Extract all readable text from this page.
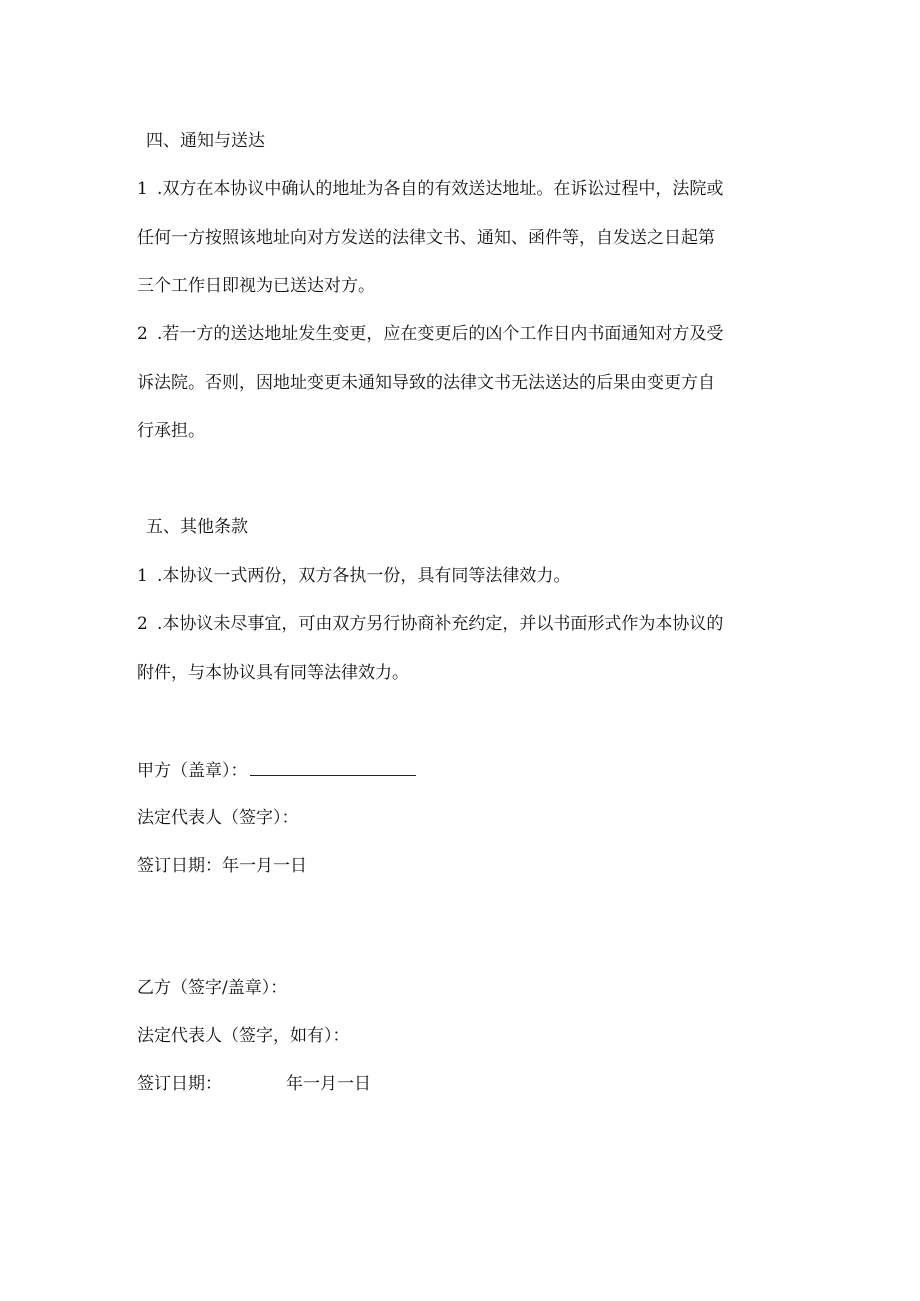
四、通知与送达
1 .双方在本协议中确认的地址为各自的有效送达地址。在诉讼过程中，法院或
任何一方按照该地址向对方发送的法律文书、通知、函件等，自发送之日起第
三个工作日即视为已送达对方。
2 .若一方的送达地址发生变更，应在变更后的凶个工作日内书面通知对方及受
诉法院。否则，因地址变更未通知导致的法律文书无法送达的后果由变更方自
行承担。
五、其他条款
1 .本协议一式两份，双方各执一份，具有同等法律效力。
2 .本协议未尽事宜，可由双方另行协商补充约定，并以书面形式作为本协议的
附件，与本协议具有同等法律效力。
甲方（盖章）：
法定代表人（签字）：
签订日期：年一月一日
乙方（签字/盖章）：
法定代表人（签字，如有）：
签订日期：	年一月一日
